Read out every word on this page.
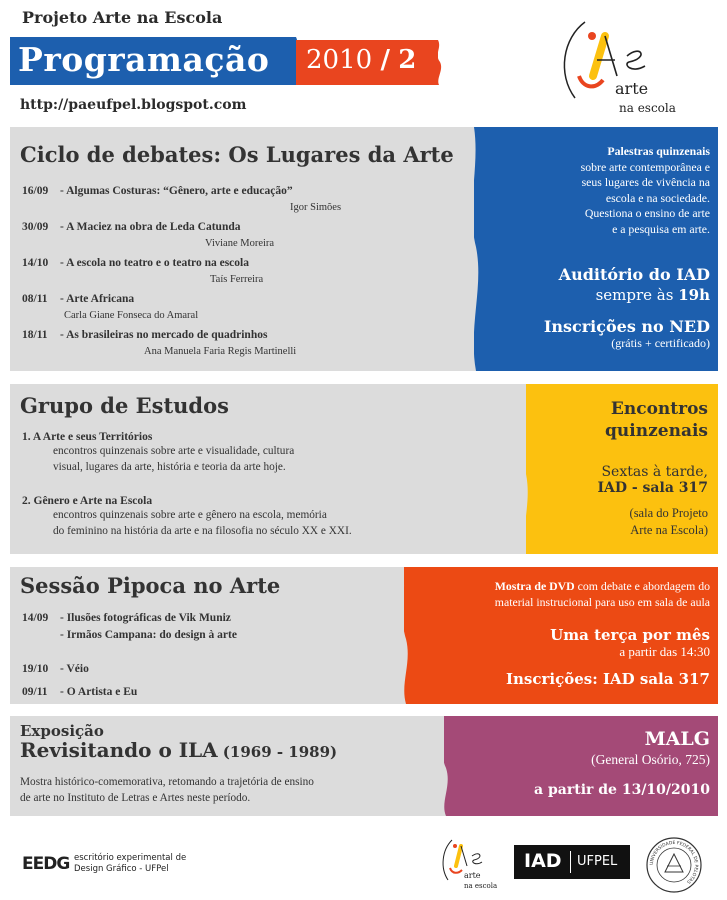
Projeto Arte na Escola
Programação 2010 / 2
http://paeufpel.blogspot.com
arte
na escola
Ciclo de debates: Os Lugares da Arte
16/09 - Algumas Costuras: “Gênero, arte e educação”
Igor Simões
30/09 - A Maciez na obra de Leda Catunda
Viviane Moreira
14/10 - A escola no teatro e o teatro na escola
Taís Ferreira
08/11 - Arte Africana
Carla Giane Fonseca do Amaral
18/11 - As brasileiras no mercado de quadrinhos
Ana Manuela Faria Regis Martinelli
Palestras quinzenais
sobre arte contemporânea e
seus lugares de vivência na
escola e na sociedade.
Questiona o ensino de arte
e a pesquisa em arte.
Auditório do IAD
sempre às 19h
Inscrições no NED
(grátis + certificado)
Grupo de Estudos
1. A Arte e seus Territórios
encontros quinzenais sobre arte e visualidade, cultura
visual, lugares da arte, história e teoria da arte hoje.
2. Gênero e Arte na Escola
encontros quinzenais sobre arte e gênero na escola, memória
do feminino na história da arte e na filosofia no século XX e XXI.
Encontros
quinzenais
Sextas à tarde,
IAD - sala 317
(sala do Projeto
Arte na Escola)
Sessão Pipoca no Arte
14/09 - Ilusões fotográficas de Vik Muniz
- Irmãos Campana: do design à arte
19/10 - Véio
09/11 - O Artista e Eu
Mostra de DVD com debate e abordagem do
material instrucional para uso em sala de aula
Uma terça por mês
a partir das 14:30
Inscrições: IAD sala 317
Exposição
Revisitando o ILA (1969 - 1989)
Mostra histórico-comemorativa, retomando a trajetória de ensino
de arte no Instituto de Letras e Artes neste período.
MALG
(General Osório, 725)
a partir de 13/10/2010
EEDG escritório experimental de
Design Gráfico - UFPel
arte
na escola
IAD UFPEL	UNIVERSIDADE FEDERAL DE PELOTAS
